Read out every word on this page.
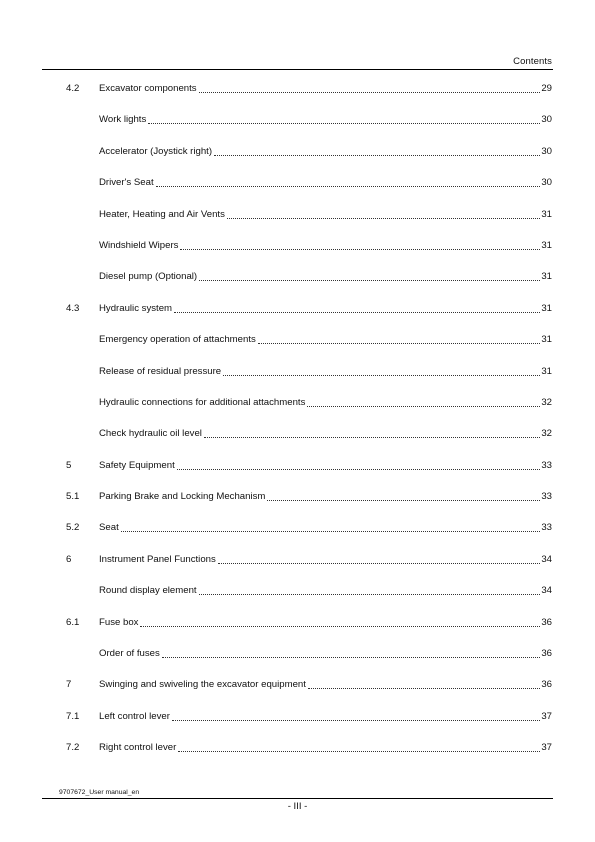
Contents
4.2	Excavator components	29
Work lights	30
Accelerator (Joystick right)	30
Driver's Seat	30
Heater, Heating and Air Vents	31
Windshield Wipers	31
Diesel pump (Optional)	31
4.3	Hydraulic system	31
Emergency operation of attachments	31
Release of residual pressure	31
Hydraulic connections for additional attachments	32
Check hydraulic oil level	32
5	Safety Equipment	33
5.1	Parking Brake and Locking Mechanism	33
5.2	Seat	33
6	Instrument Panel Functions	34
Round display element	34
6.1	Fuse box	36
Order of fuses	36
7	Swinging and swiveling the excavator equipment	36
7.1	Left control lever	37
7.2	Right control lever	37
9707672_User manual_en
- III -
